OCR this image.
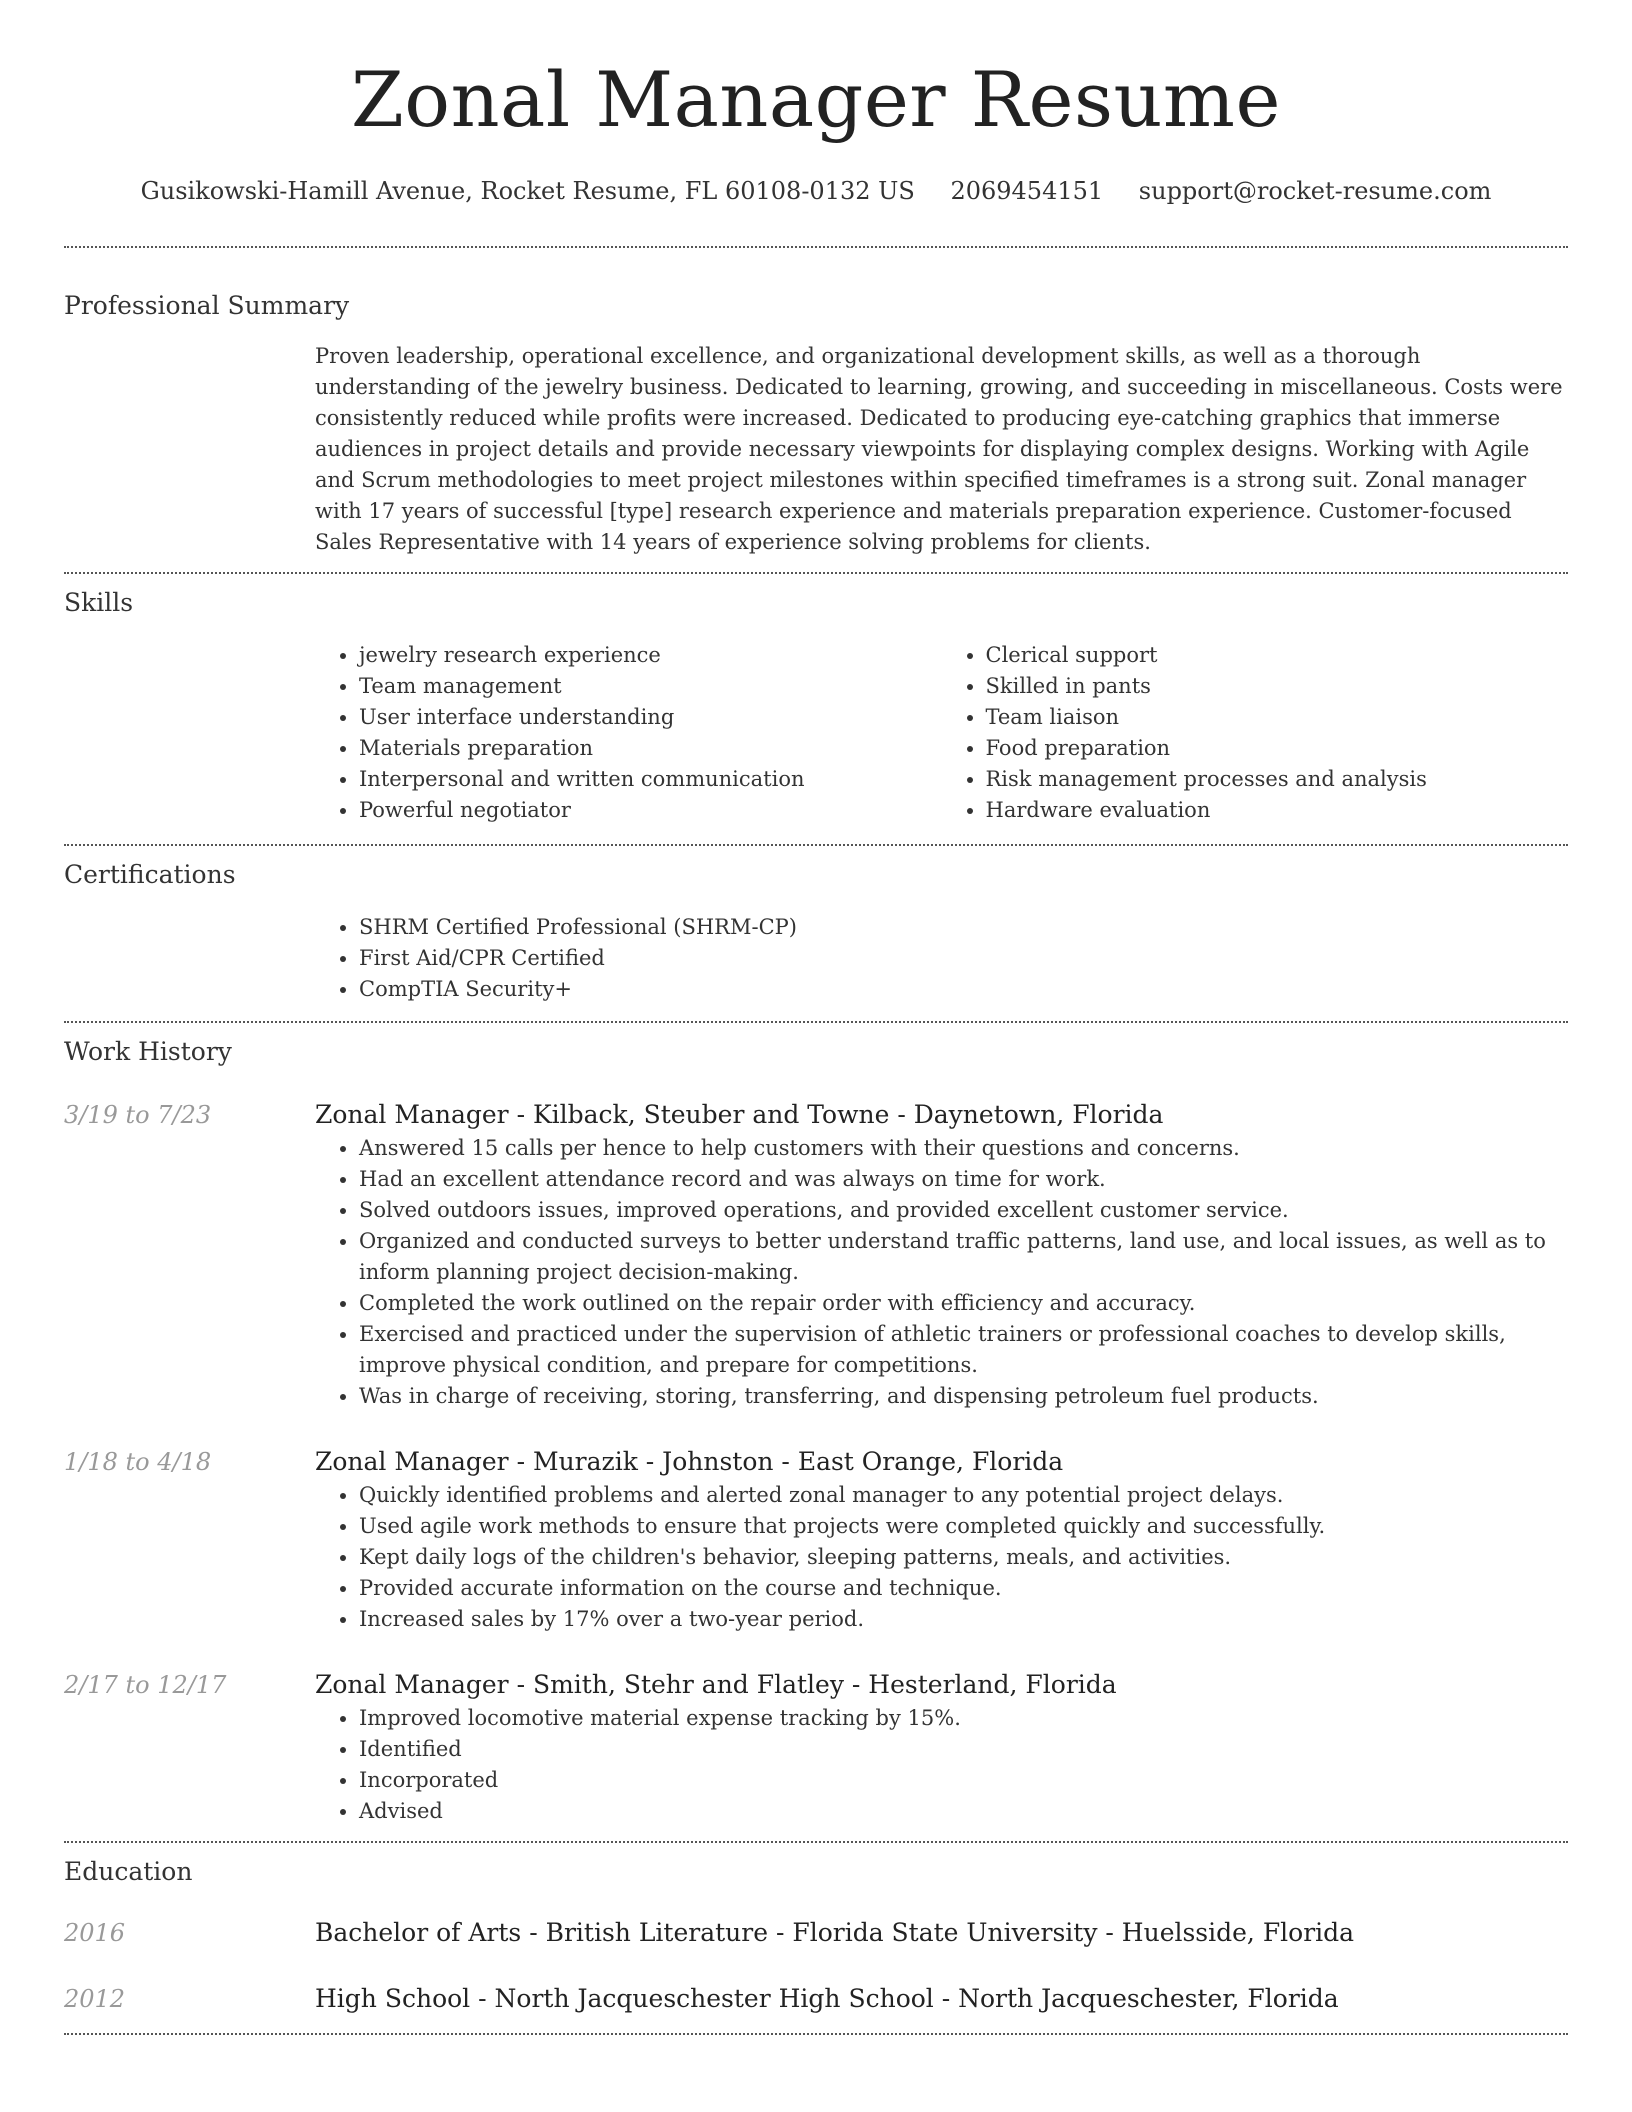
Zonal Manager Resume
Gusikowski-Hamill Avenue, Rocket Resume, FL 60108-0132 US 2069454151 support@rocket-resume.com
Professional Summary

Proven leadership, operational excellence, and organizational development skills, as well as a thorough understanding of the jewelry business. Dedicated to learning, growing, and succeeding in miscellaneous. Costs were consistently reduced while profits were increased. Dedicated to producing eye-catching graphics that immerse audiences in project details and provide necessary viewpoints for displaying complex designs. Working with Agile and Scrum methodologies to meet project milestones within specified timeframes is a strong suit. Zonal manager with 17 years of successful [type] research experience and materials preparation experience. Customer-focused Sales Representative with 14 years of experience solving problems for clients.

Skills
• jewelry research experience
• Team management
• User interface understanding
• Materials preparation
• Interpersonal and written communication
• Powerful negotiator
• Clerical support
• Skilled in pants
• Team liaison
• Food preparation
• Risk management processes and analysis
• Hardware evaluation
Certifications
• SHRM Certified Professional (SHRM-CP)
• First Aid/CPR Certified
• CompTIA Security+
Work History
3/19 to 7/23	Zonal Manager - Kilback, Steuber and Towne - Daynetown, Florida
• Answered 15 calls per hence to help customers with their questions and concerns.
• Had an excellent attendance record and was always on time for work.
• Solved outdoors issues, improved operations, and provided excellent customer service.
• Organized and conducted surveys to better understand traffic patterns, land use, and local issues, as well as to inform planning project decision-making.
• Completed the work outlined on the repair order with efficiency and accuracy.
• Exercised and practiced under the supervision of athletic trainers or professional coaches to develop skills, improve physical condition, and prepare for competitions.
• Was in charge of receiving, storing, transferring, and dispensing petroleum fuel products.
1/18 to 4/18	Zonal Manager - Murazik - Johnston - East Orange, Florida
• Quickly identified problems and alerted zonal manager to any potential project delays.
• Used agile work methods to ensure that projects were completed quickly and successfully.
• Kept daily logs of the children's behavior, sleeping patterns, meals, and activities.
• Provided accurate information on the course and technique.
• Increased sales by 17% over a two-year period.
2/17 to 12/17	Zonal Manager - Smith, Stehr and Flatley - Hesterland, Florida
• Improved locomotive material expense tracking by 15%.
• Identified
• Incorporated
• Advised
Education
2016	Bachelor of Arts - British Literature - Florida State University - Huelsside, Florida
2012	High School - North Jacqueschester High School - North Jacqueschester, Florida
